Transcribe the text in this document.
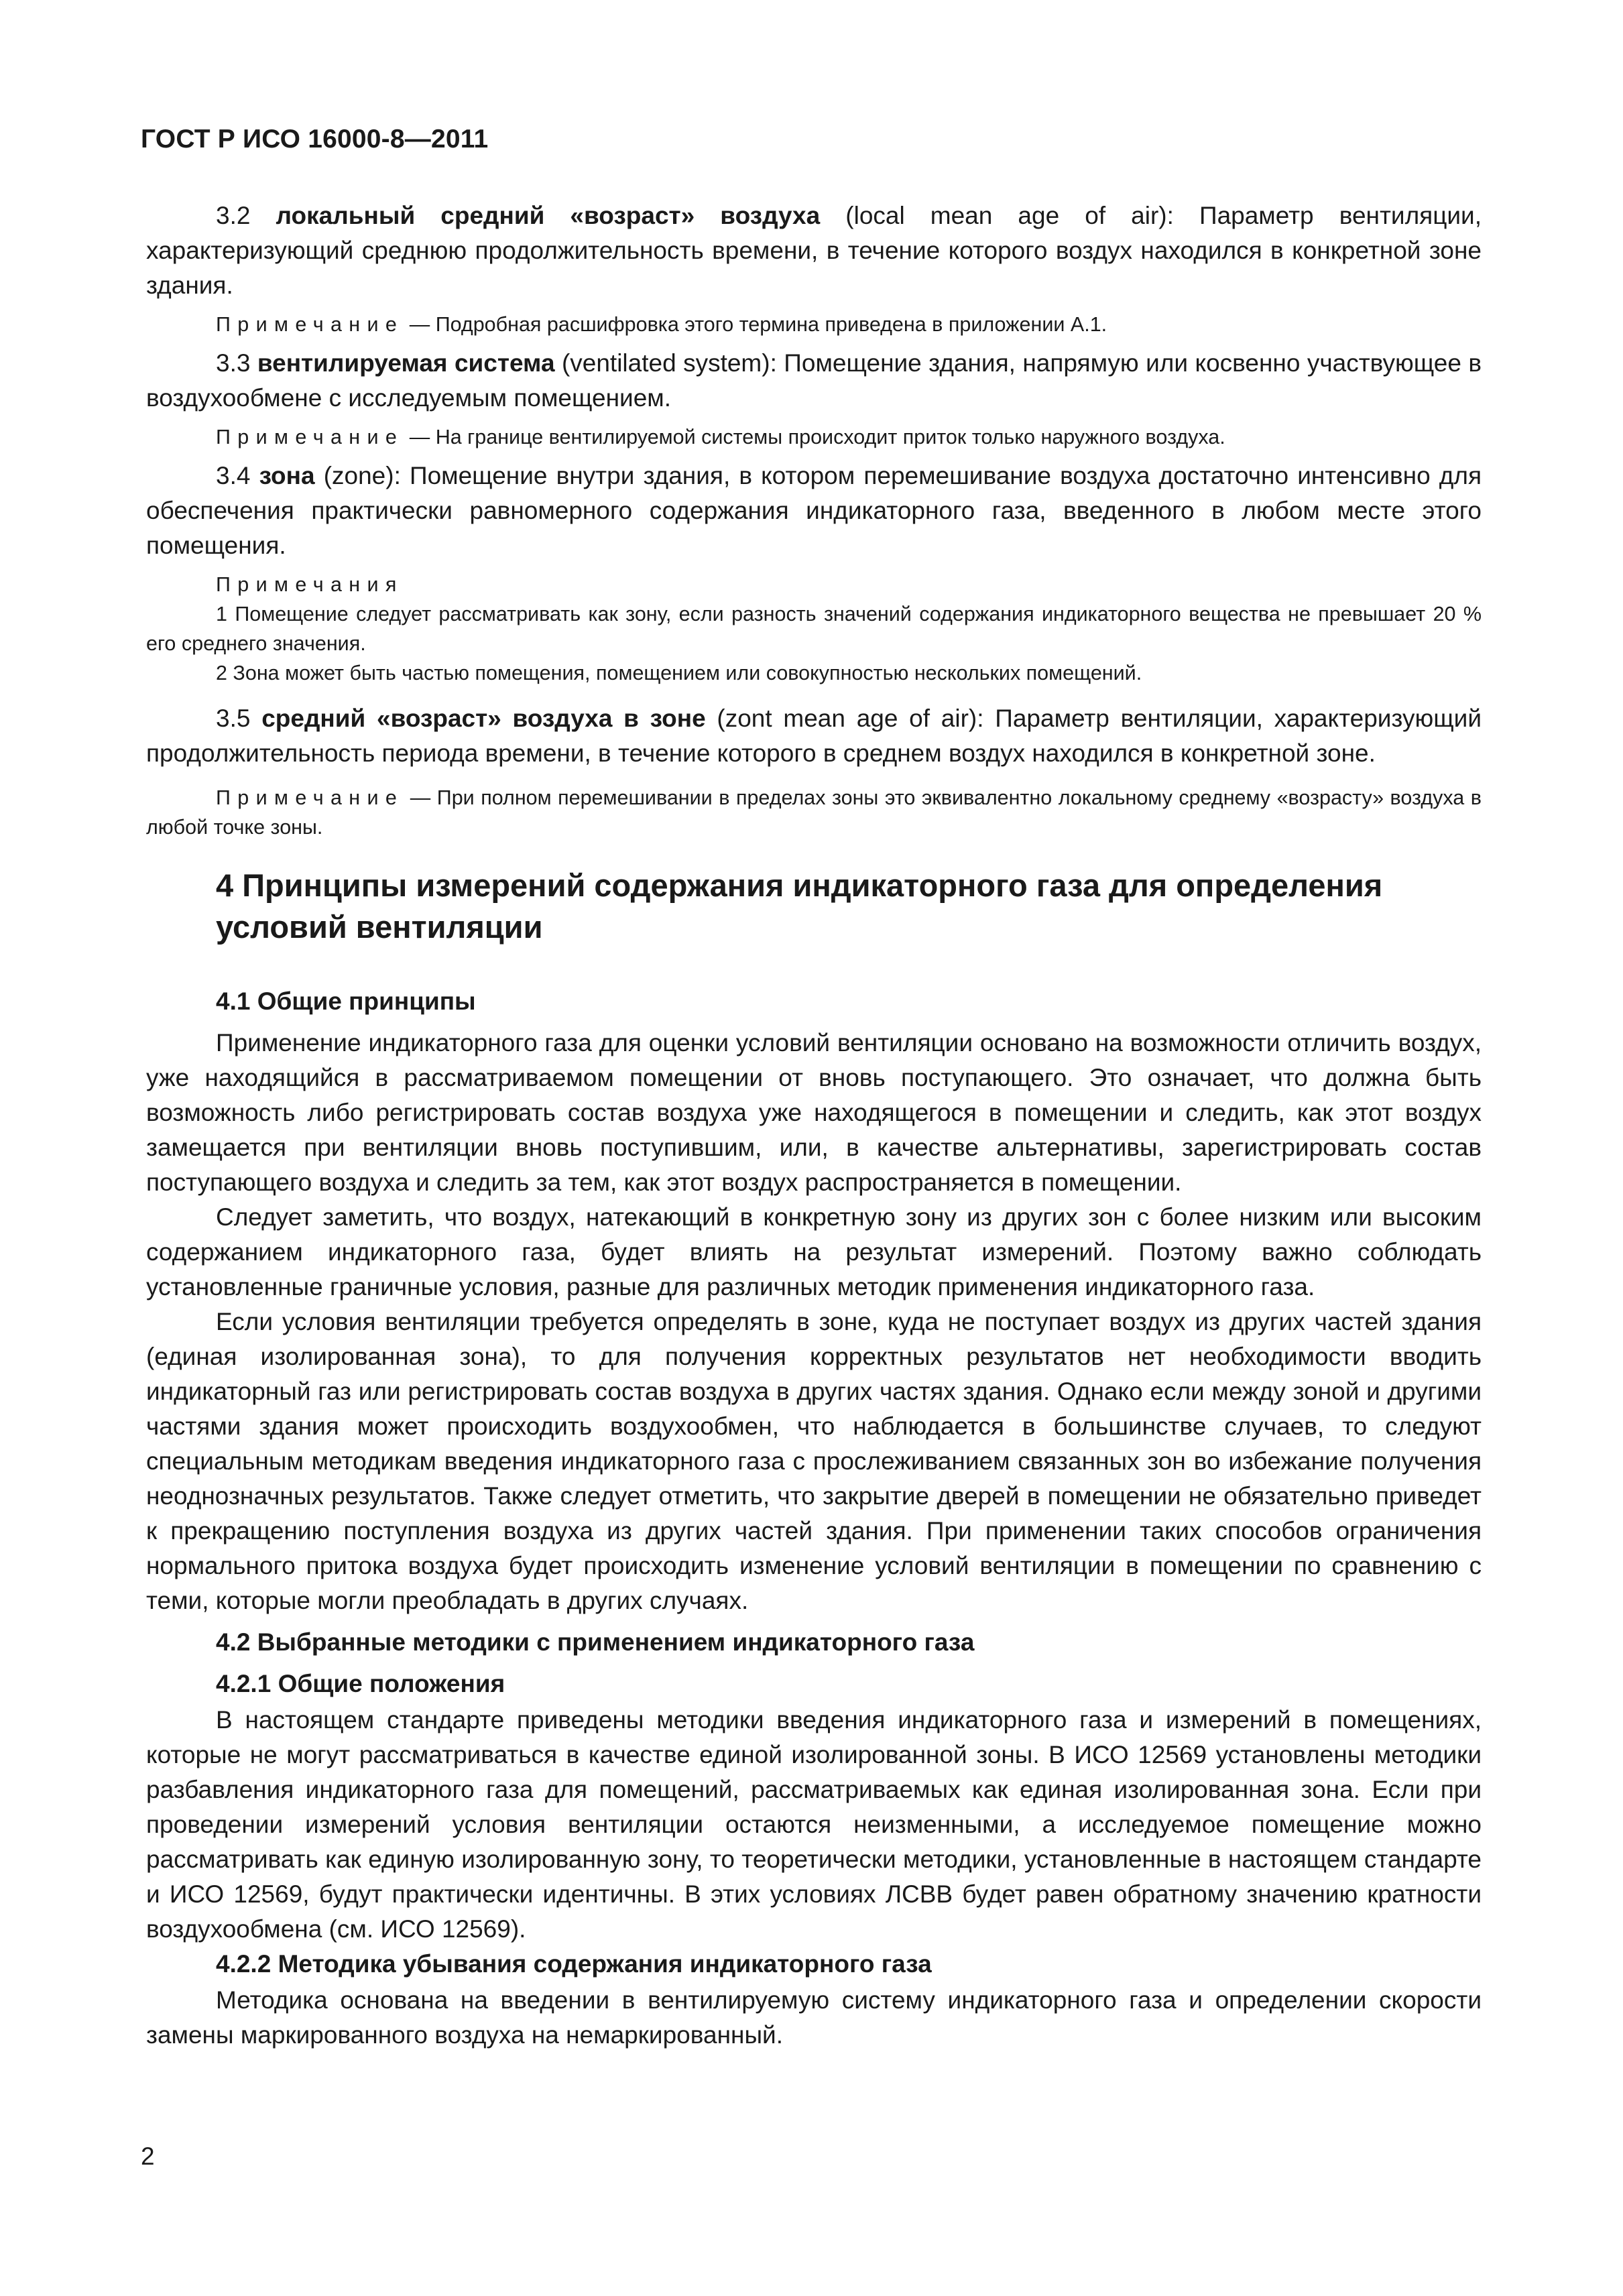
ГОСТ Р ИСО 16000-8—2011

3.2 локальный средний «возраст» воздуха (local mean age of air): Параметр вентиляции, характеризующий среднюю продолжительность времени, в течение которого воздух находился в конкретной зоне здания.

Примечание — Подробная расшифровка этого термина приведена в приложении А.1.

3.3 вентилируемая система (ventilated system): Помещение здания, напрямую или косвенно участвующее в воздухообмене с исследуемым помещением.

Примечание — На границе вентилируемой системы происходит приток только наружного воздуха.

3.4 зона (zone): Помещение внутри здания, в котором перемешивание воздуха достаточно интенсивно для обеспечения практически равномерного содержания индикаторного газа, введенного в любом месте этого помещения.

Примечания

1 Помещение следует рассматривать как зону, если разность значений содержания индикаторного вещества не превышает 20 % его среднего значения.

2 Зона может быть частью помещения, помещением или совокупностью нескольких помещений.

3.5 средний «возраст» воздуха в зоне (zont mean age of air): Параметр вентиляции, характеризующий продолжительность периода времени, в течение которого в среднем воздух находился в конкретной зоне.

Примечание — При полном перемешивании в пределах зоны это эквивалентно локальному среднему «возрасту» воздуха в любой точке зоны.

4 Принципы измерений содержания индикаторного газа для определения условий вентиляции

4.1 Общие принципы

Применение индикаторного газа для оценки условий вентиляции основано на возможности отличить воздух, уже находящийся в рассматриваемом помещении от вновь поступающего. Это означает, что должна быть возможность либо регистрировать состав воздуха уже находящегося в помещении и следить, как этот воздух замещается при вентиляции вновь поступившим, или, в качестве альтернативы, зарегистрировать состав поступающего воздуха и следить за тем, как этот воздух распространяется в помещении.

Следует заметить, что воздух, натекающий в конкретную зону из других зон с более низким или высоким содержанием индикаторного газа, будет влиять на результат измерений. Поэтому важно соблюдать установленные граничные условия, разные для различных методик применения индикаторного газа.

Если условия вентиляции требуется определять в зоне, куда не поступает воздух из других частей здания (единая изолированная зона), то для получения корректных результатов нет необходимости вводить индикаторный газ или регистрировать состав воздуха в других частях здания. Однако если между зоной и другими частями здания может происходить воздухообмен, что наблюдается в большинстве случаев, то следуют специальным методикам введения индикаторного газа с прослеживанием связанных зон во избежание получения неоднозначных результатов. Также следует отметить, что закрытие дверей в помещении не обязательно приведет к прекращению поступления воздуха из других частей здания. При применении таких способов ограничения нормального притока воздуха будет происходить изменение условий вентиляции в помещении по сравнению с теми, которые могли преобладать в других случаях.

4.2 Выбранные методики с применением индикаторного газа

4.2.1 Общие положения

В настоящем стандарте приведены методики введения индикаторного газа и измерений в помещениях, которые не могут рассматриваться в качестве единой изолированной зоны. В ИСО 12569 установлены методики разбавления индикаторного газа для помещений, рассматриваемых как единая изолированная зона. Если при проведении измерений условия вентиляции остаются неизменными, а исследуемое помещение можно рассматривать как единую изолированную зону, то теоретически методики, установленные в настоящем стандарте и ИСО 12569, будут практически идентичны. В этих условиях ЛСВВ будет равен обратному значению кратности воздухообмена (см. ИСО 12569).

4.2.2 Методика убывания содержания индикаторного газа

Методика основана на введении в вентилируемую систему индикаторного газа и определении скорости замены маркированного воздуха на немаркированный.

2
